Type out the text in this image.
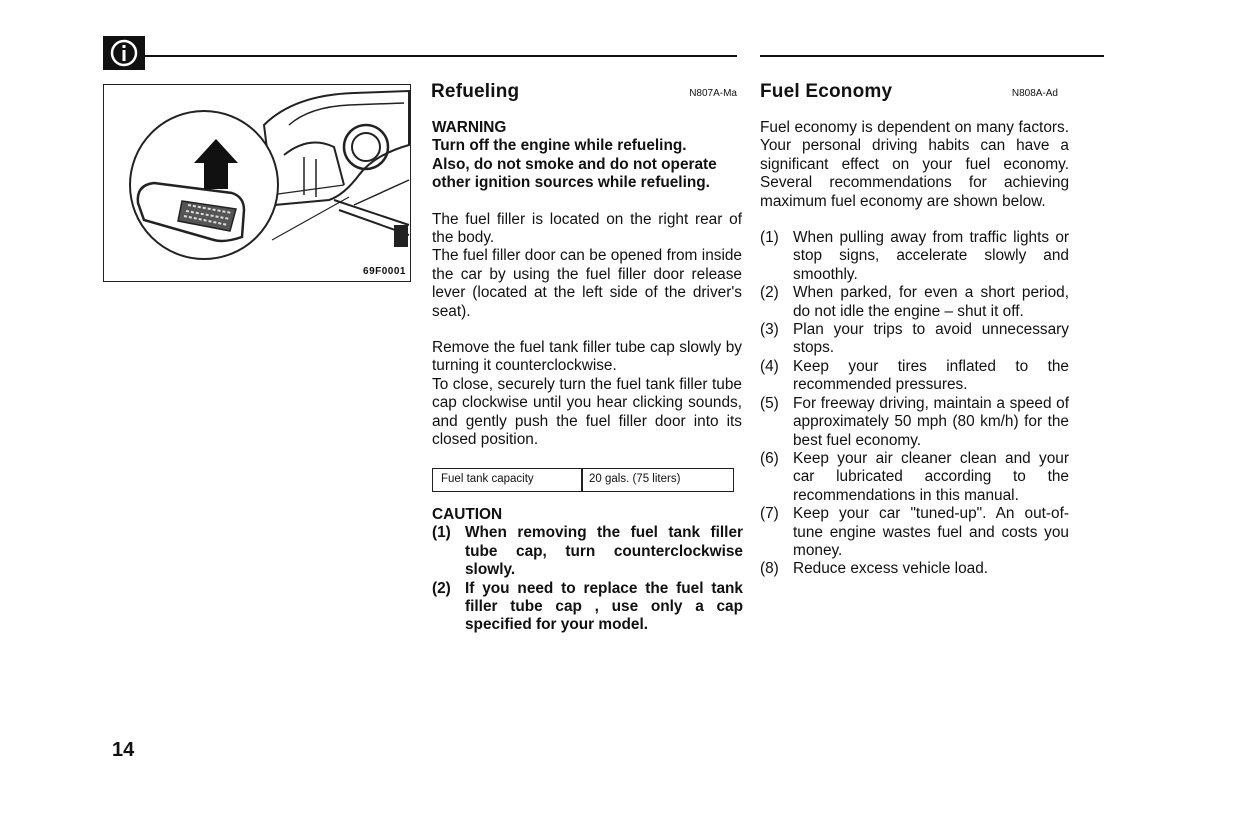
69F0001
Refueling	N807A-Ma
WARNING
Turn off the engine while refueling.
Also, do not smoke and do not operate
other ignition sources while refueling.

The fuel filler is located on the right rear of the body.

The fuel filler door can be opened from inside the car by using the fuel filler door release lever (located at the left side of the driver's seat).

Remove the fuel tank filler tube cap slowly by turning it counterclockwise.

To close, securely turn the fuel tank filler tube cap clockwise until you hear clicking sounds, and gently push the fuel filler door into its closed position.

Fuel tank capacity	20 gals. (75 liters)
CAUTION
(1) When removing the fuel tank filler tube cap, turn counterclockwise slowly.
(2) If you need to replace the fuel tank filler tube cap , use only a cap specified for your model.
Fuel Economy	N808A-Ad

Fuel economy is dependent on many factors. Your personal driving habits can have a significant effect on your fuel economy. Several recommendations for achieving maximum fuel economy are shown below.

(1) When pulling away from traffic lights or stop signs, accelerate slowly and smoothly.
(2) When parked, for even a short period, do not idle the engine – shut it off.
(3) Plan your trips to avoid unnecessary stops.
(4) Keep your tires inflated to the recommended pressures.
(5) For freeway driving, maintain a speed of approximately 50 mph (80 km/h) for the best fuel economy.
(6) Keep your air cleaner clean and your car lubricated according to the recommendations in this manual.
(7) Keep your car "tuned-up". An out-of-tune engine wastes fuel and costs you money.
(8) Reduce excess vehicle load.
14
